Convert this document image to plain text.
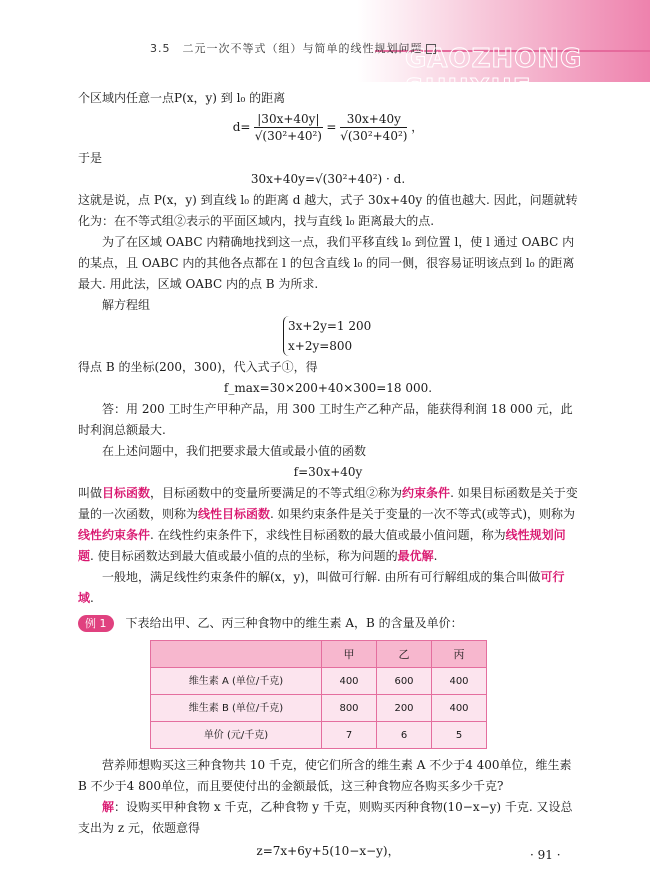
3.5　二元一次不等式（组）与简单的线性规划问题
GAOZHONG SHUXUE

个区域内任意一点P(x，y) 到 l₀ 的距离

$d= \frac{|30x+40y|}{\text{√(30²+40²)}} = \frac{30x+40y}{\text{√(30²+40²)}}$ ，

于是

30x+40y=√(30²+40²) · d.

这就是说，点 P(x，y) 到直线 l₀ 的距离 d 越大，式子 30x+40y 的值也越大. 因此，问题就转化为：在不等式组②表示的平面区域内，找与直线 l₀ 距离最大的点.

为了在区域 OABC 内精确地找到这一点，我们平移直线 l₀ 到位置 l，使 l 通过 OABC 内的某点，且 OABC 内的其他各点都在 l 的包含直线 l₀ 的同一侧，很容易证明该点到 l₀ 的距离最大. 用此法，区域 OABC 内的点 B 为所求.

解方程组

3x+2y=1 200
x+2y=800

得点 B 的坐标(200，300)，代入式子①，得

f_max=30×200+40×300=18 000.

答：用 200 工时生产甲种产品，用 300 工时生产乙种产品，能获得利润 18 000 元，此时利润总额最大.

在上述问题中，我们把要求最大值或最小值的函数

f=30x+40y

叫做目标函数，目标函数中的变量所要满足的不等式组②称为约束条件. 如果目标函数是关于变量的一次函数，则称为线性目标函数. 如果约束条件是关于变量的一次不等式(或等式)，则称为线性约束条件. 在线性约束条件下，求线性目标函数的最大值或最小值问题，称为线性规划问题. 使目标函数达到最大值或最小值的点的坐标，称为问题的最优解.

一般地，满足线性约束条件的解(x，y)，叫做可行解. 由所有可行解组成的集合叫做可行域.

例 1 下表给出甲、乙、丙三种食物中的维生素 A，B 的含量及单价：

	甲	乙	丙
维生素 A (单位/千克)	400	600	400
维生素 B (单位/千克)	800	200	400
单价 (元/千克)	7	6	5

营养师想购买这三种食物共 10 千克，使它们所含的维生素 A 不少于4 400单位，维生素 B 不少于4 800单位，而且要使付出的金额最低，这三种食物应各购买多少千克?

解：设购买甲种食物 x 千克，乙种食物 y 千克，则购买丙种食物(10−x−y) 千克. 又设总支出为 z 元，依题意得

z=7x+6y+5(10−x−y)，	· 91 ·
